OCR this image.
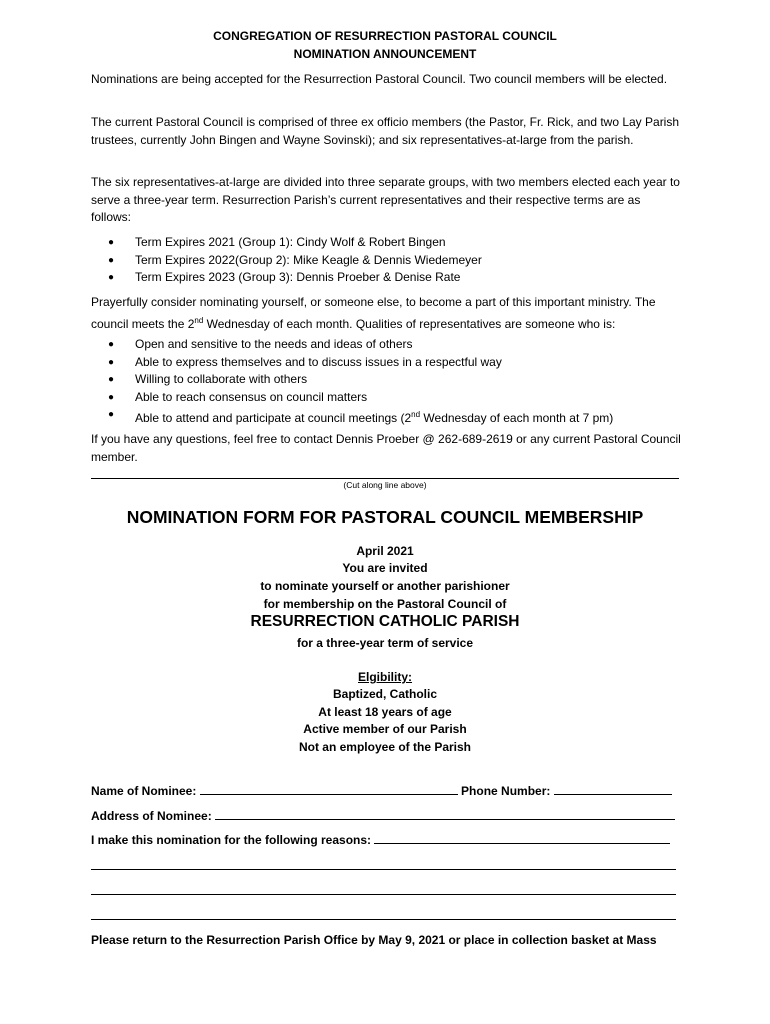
CONGREGATION OF RESURRECTION PASTORAL COUNCIL
NOMINATION ANNOUNCEMENT

Nominations are being accepted for the Resurrection Pastoral Council. Two council members will be elected.

The current Pastoral Council is comprised of three ex officio members (the Pastor, Fr. Rick, and two Lay Parish trustees, currently John Bingen and Wayne Sovinski); and six representatives-at-large from the parish.

The six representatives-at-large are divided into three separate groups, with two members elected each year to serve a three-year term. Resurrection Parish’s current representatives and their respective terms are as follows:

● Term Expires 2021 (Group 1): Cindy Wolf & Robert Bingen
● Term Expires 2022(Group 2): Mike Keagle & Dennis Wiedemeyer
● Term Expires 2023 (Group 3): Dennis Proeber & Denise Rate

Prayerfully consider nominating yourself, or someone else, to become a part of this important ministry. The council meets the 2nd Wednesday of each month. Qualities of representatives are someone who is:

● Open and sensitive to the needs and ideas of others
● Able to express themselves and to discuss issues in a respectful way
● Willing to collaborate with others
● Able to reach consensus on council matters
● Able to attend and participate at council meetings (2nd Wednesday of each month at 7 pm)

If you have any questions, feel free to contact Dennis Proeber @ 262-689-2619 or any current Pastoral Council member.

(Cut along line above)
NOMINATION FORM FOR PASTORAL COUNCIL MEMBERSHIP
April 2021
You are invited
to nominate yourself or another parishioner
for membership on the Pastoral Council of
RESURRECTION CATHOLIC PARISH
for a three-year term of service
Elgibility:
Baptized, Catholic
At least 18 years of age
Active member of our Parish
Not an employee of the Parish
Name of Nominee:	Phone Number:
Address of Nominee:
I make this nomination for the following reasons:
Please return to the Resurrection Parish Office by May 9, 2021 or place in collection basket at Mass
